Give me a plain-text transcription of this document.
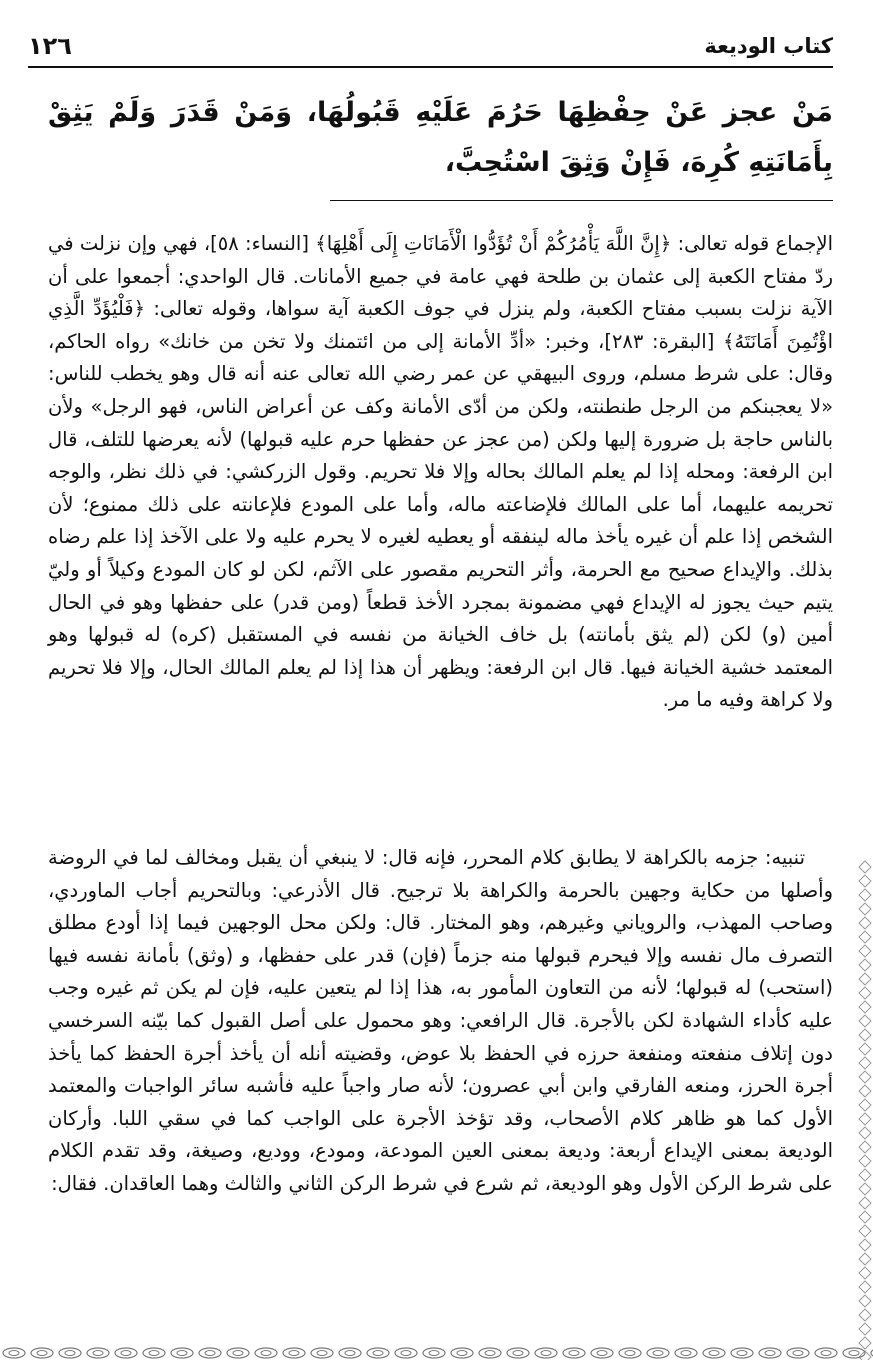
١٢٦	كتاب الوديعة
مَنْ عجز عَنْ حِفْظِهَا حَرُمَ عَلَيْهِ قَبُولُهَا، وَمَنْ قَدَرَ وَلَمْ يَثِقْ بِأَمَانَتِهِ كُرِهَ، فَإِنْ وَثِقَ اسْتُحِبَّ،

الإجماع قوله تعالى: ﴿إِنَّ اللَّهَ يَأْمُرُكُمْ أَنْ تُؤَدُّوا الْأَمَانَاتِ إِلَى أَهْلِهَا﴾ [النساء: ٥٨]، فهي وإن نزلت في ردّ مفتاح الكعبة إلى عثمان بن طلحة فهي عامة في جميع الأمانات. قال الواحدي: أجمعوا على أن الآية نزلت بسبب مفتاح الكعبة، ولم ينزل في جوف الكعبة آية سواها، وقوله تعالى: ﴿فَلْيُؤَدِّ الَّذِي اؤْتُمِنَ أَمَانَتَهُ﴾ [البقرة: ٢٨٣]، وخبر: «أدِّ الأمانة إلى من ائتمنك ولا تخن من خانك» رواه الحاكم، وقال: على شرط مسلم، وروى البيهقي عن عمر رضي الله تعالى عنه أنه قال وهو يخطب للناس: «لا يعجبنكم من الرجل طنطنته، ولكن من أدّى الأمانة وكف عن أعراض الناس، فهو الرجل» ولأن بالناس حاجة بل ضرورة إليها ولكن (من عجز عن حفظها حرم عليه قبولها) لأنه يعرضها للتلف، قال ابن الرفعة: ومحله إذا لم يعلم المالك بحاله وإلا فلا تحريم. وقول الزركشي: في ذلك نظر، والوجه تحريمه عليهما، أما على المالك فلإضاعته ماله، وأما على المودع فلإعانته على ذلك ممنوع؛ لأن الشخص إذا علم أن غيره يأخذ ماله لينفقه أو يعطيه لغيره لا يحرم عليه ولا على الآخذ إذا علم رضاه بذلك. والإيداع صحيح مع الحرمة، وأثر التحريم مقصور على الآثم، لكن لو كان المودع وكيلاً أو وليّ يتيم حيث يجوز له الإيداع فهي مضمونة بمجرد الأخذ قطعاً (ومن قدر) على حفظها وهو في الحال أمين (و) لكن (لم يثق بأمانته) بل خاف الخيانة من نفسه في المستقبل (كره) له قبولها وهو المعتمد خشية الخيانة فيها. قال ابن الرفعة: ويظهر أن هذا إذا لم يعلم المالك الحال، وإلا فلا تحريم ولا كراهة وفيه ما مر.

تنبيه: جزمه بالكراهة لا يطابق كلام المحرر، فإنه قال: لا ينبغي أن يقبل ومخالف لما في الروضة وأصلها من حكاية وجهين بالحرمة والكراهة بلا ترجيح. قال الأذرعي: وبالتحريم أجاب الماوردي، وصاحب المهذب، والروياني وغيرهم، وهو المختار. قال: ولكن محل الوجهين فيما إذا أودع مطلق التصرف مال نفسه وإلا فيحرم قبولها منه جزماً (فإن) قدر على حفظها، و (وثق) بأمانة نفسه فيها (استحب) له قبولها؛ لأنه من التعاون المأمور به، هذا إذا لم يتعين عليه، فإن لم يكن ثم غيره وجب عليه كأداء الشهادة لكن بالأجرة. قال الرافعي: وهو محمول على أصل القبول كما بيّنه السرخسي دون إتلاف منفعته ومنفعة حرزه في الحفظ بلا عوض، وقضيته أنله أن يأخذ أجرة الحفظ كما يأخذ أجرة الحرز، ومنعه الفارقي وابن أبي عصرون؛ لأنه صار واجباً عليه فأشبه سائر الواجبات والمعتمد الأول كما هو ظاهر كلام الأصحاب، وقد تؤخذ الأجرة على الواجب كما في سقي اللبا. وأركان الوديعة بمعنى الإيداع أربعة: وديعة بمعنى العين المودعة، ومودع، ووديع، وصيغة، وقد تقدم الكلام على شرط الركن الأول وهو الوديعة، ثم شرع في شرط الركن الثاني والثالث وهما العاقدان. فقال:
